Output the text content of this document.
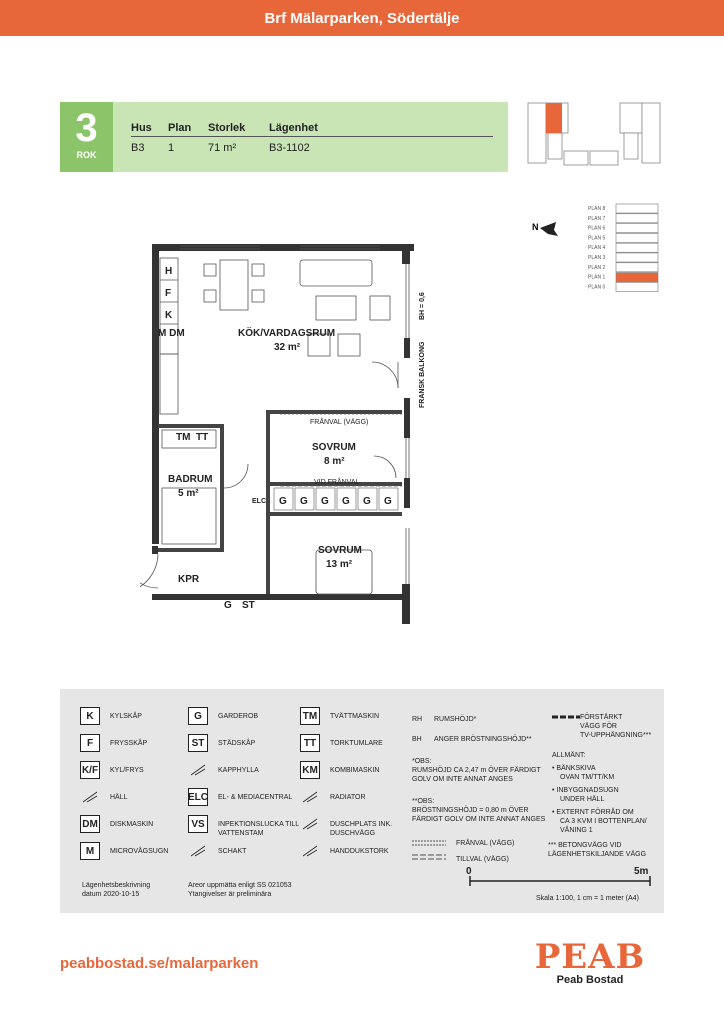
Brf Mälarparken, Södertälje
3
ROK
Hus	Plan	Storlek	Lägenhet
B3	1	71 m²	B3-1102
PLAN 8
PLAN 7
PLAN 6
PLAN 5
PLAN 4
PLAN 3
PLAN 2
PLAN 1
PLAN 0
N
H
F
K
M DM	KÖK/VARDAGSRUM
32 m²
TM TT
BADRUM
5 m²
SOVRUM
8 m²
SOVRUM
13 m²
KPR
G ST
ELC
FRÅNVAL (VÄGG)
VID FRÅNVAL
FRANSK BALKONG
BH = 0,6
G G G G G G
K	KYLSKÅP
F	FRYSSKÅP
K/F KYL/FRYS
HÄLL
DM	DISKMASKIN
M	MICROVÅGSUGN
G	GARDEROB
ST	STÄDSKÅP
KAPPHYLLA
ELC EL- & MEDIACENTRAL
VS	INPEKTIONSLUCKA TILL VATTENSTAM
SCHAKT
TM	TVÄTTMASKIN
TT	TORKTUMLARE
KM	KOMBIMASKIN
RADIATOR
DUSCHPLATS INK. DUSCHVÄGG
HANDDUKSTORK
RH RUMSHÖJD*
BH ANGER BRÖSTNINGSHÖJD**
*OBS:
RUMSHÖJD CA 2,47 m ÖVER FÄRDIGT
GOLV OM INTE ANNAT ANGES
**OBS:
BRÖSTNINGSHÖJD = 0,80 m ÖVER
FÄRDIGT GOLV OM INTE ANNAT ANGES
FRÅNVAL (VÄGG)
TILLVAL (VÄGG)
FÖRSTÄRKT
VÄGG FÖR
TV-UPPHÄNGNING***
ALLMÄNT:
• BÄNKSKIVA
OVAN TM/TT/KM
• INBYGGNADSUGN
UNDER HÄLL
• EXTERNT FÖRRÅD OM
CA 3 KVM I BOTTENPLAN/
VÅNING 1
*** BETONGVÄGG VID
LÄGENHETSKILJANDE VÄGG
Lägenhetsbeskrivning
datum 2020-10-15
Areor uppmätta enligt SS 021053
Ytangivelser är preliminära
0	5m
Skala 1:100, 1 cm = 1 meter (A4)
peabbostad.se/malarparken	PEAB
Peab Bostad
